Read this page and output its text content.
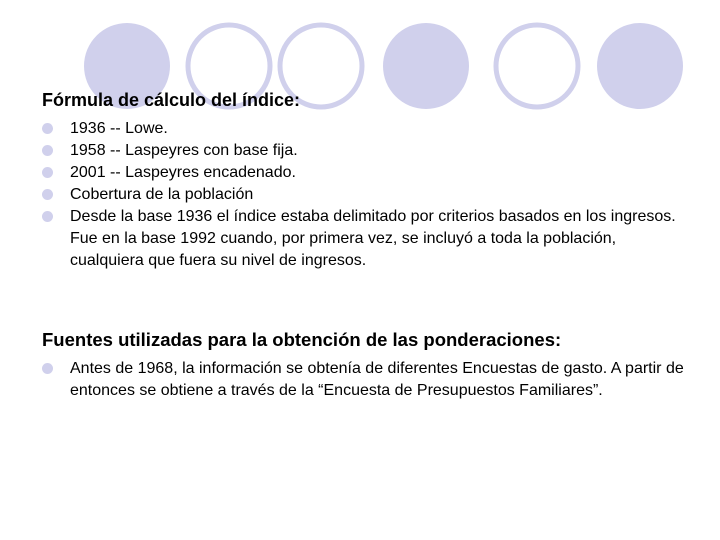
Fórmula de cálculo del índice:
1936 -- Lowe.
1958 -- Laspeyres con base fija.
2001 -- Laspeyres encadenado.
Cobertura de la población
Desde la base 1936 el índice estaba delimitado por criterios basados en los ingresos. Fue en la base 1992 cuando, por primera vez, se incluyó a toda la población, cualquiera que fuera su nivel de ingresos.
Fuentes utilizadas para la obtención de las ponderaciones:
Antes de 1968, la información se obtenía de diferentes Encuestas de gasto. A partir de entonces se obtiene a través de la “Encuesta de Presupuestos Familiares”.
